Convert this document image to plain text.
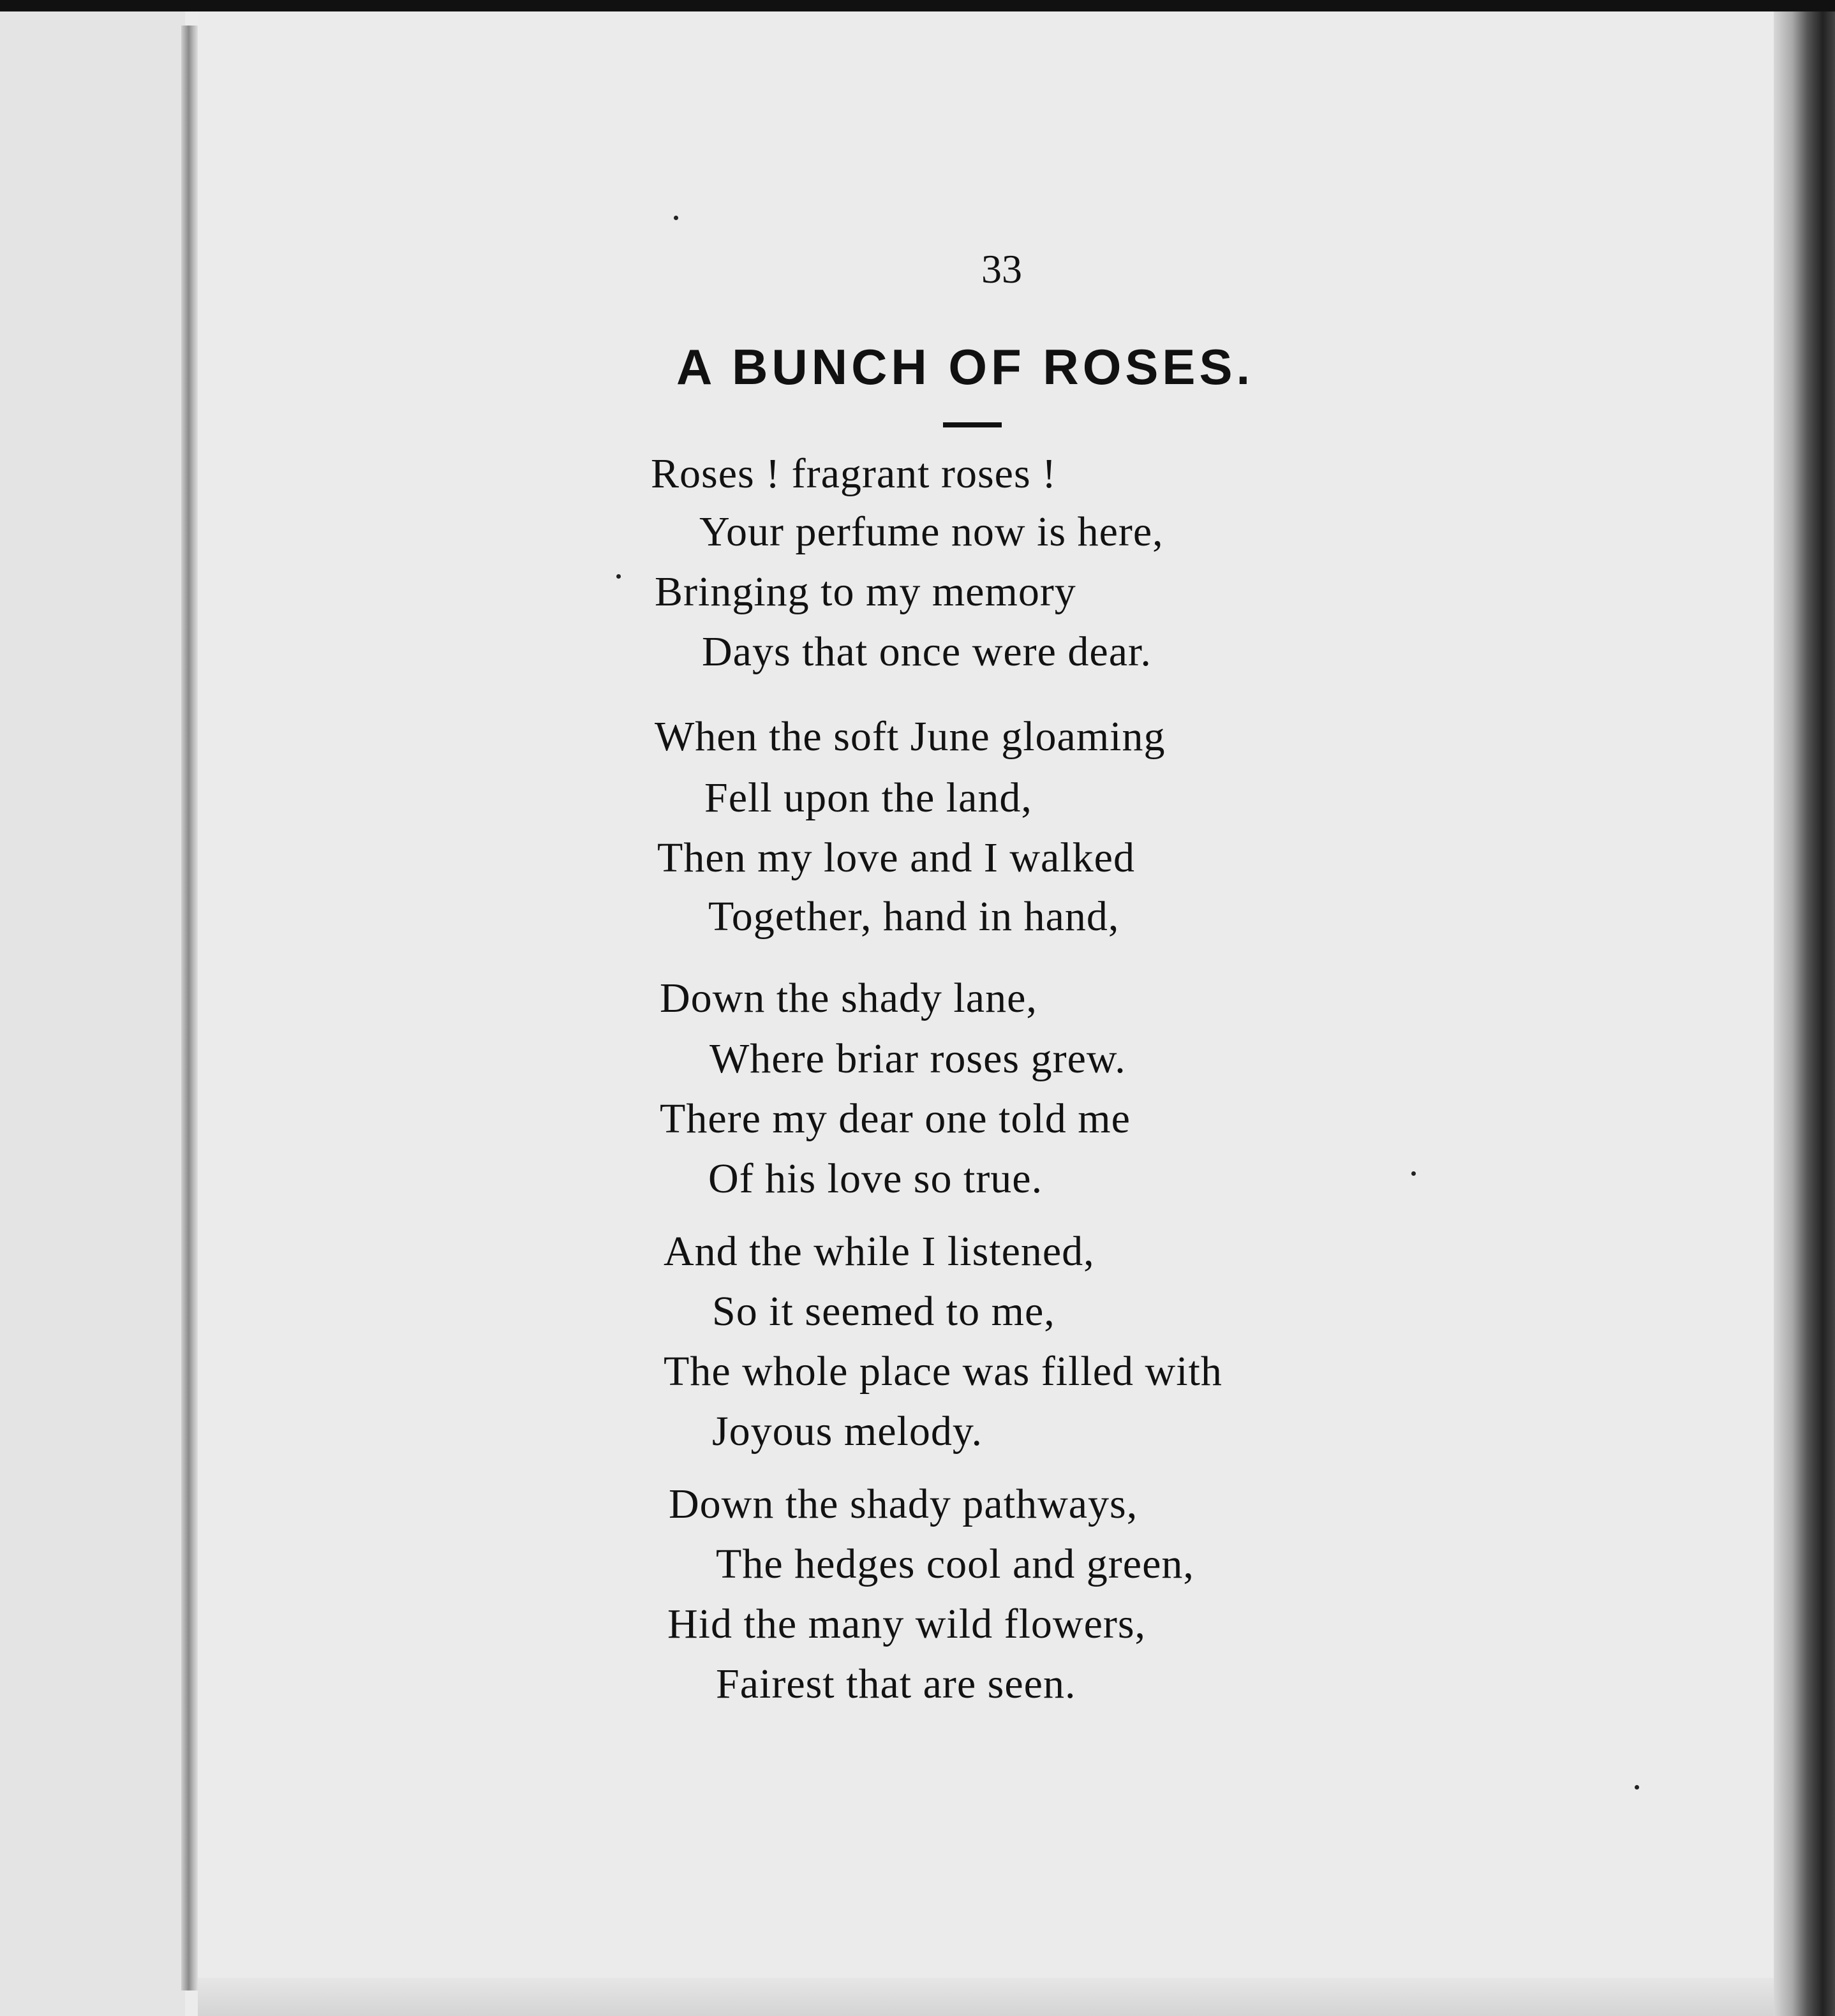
33
A BUNCH OF ROSES.
Roses ! fragrant roses !
Your perfume now is here,
Bringing to my memory
Days that once were dear.
When the soft June gloaming
Fell upon the land,
Then my love and I walked
Together, hand in hand,
Down the shady lane,
Where briar roses grew.
There my dear one told me
Of his love so true.
And the while I listened,
So it seemed to me,
The whole place was filled with
Joyous melody.
Down the shady pathways,
The hedges cool and green,
Hid the many wild flowers,
Fairest that are seen.
